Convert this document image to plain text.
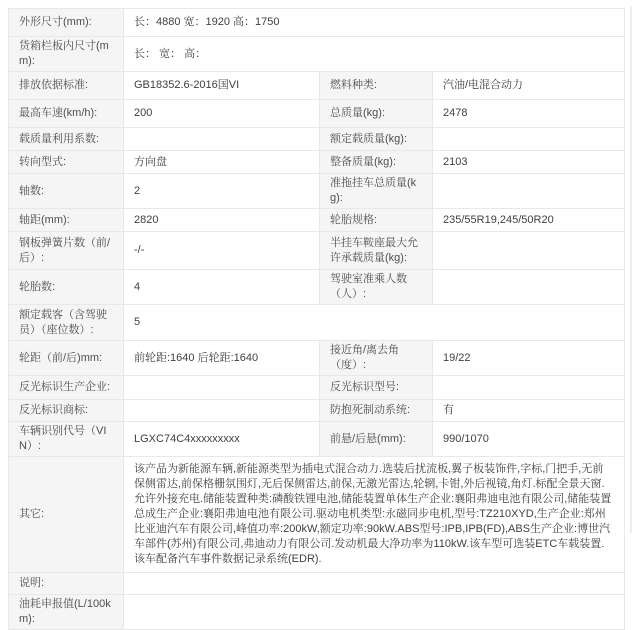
外形尺寸(mm):	长：4880 宽：1920 高：1750		
货箱栏板内尺寸(mm):	长： 宽： 高：		
排放依据标准:	GB18352.6-2016国VI	燃料种类:	汽油/电混合动力
最高车速(km/h):	200	总质量(kg):	2478
载质量利用系数:		额定载质量(kg):	
转向型式:	方向盘	整备质量(kg):	2103
轴数:	2	准拖挂车总质量(kg):	
轴距(mm):	2820	轮胎规格:	235/55R19,245/50R20
钢板弹簧片数（前/后）:	-/-	半挂车鞍座最大允许承载质量(kg):	
轮胎数:	4	驾驶室准乘人数（人）:	
额定载客（含驾驶员）（座位数）:	5		
轮距（前/后)mm:	前轮距:1640 后轮距:1640	接近角/离去角（度）:	19/22
反光标识生产企业:		反光标识型号:	
反光标识商标:		防抱死制动系统:	有
车辆识别代号（VIN）:	LGXC74C4xxxxxxxxx	前悬/后悬(mm):	990/1070
其它:	该产品为新能源车辆,新能源类型为插电式混合动力.选装后扰流板,翼子板装饰件,字标,门把手,无前保侧雷达,前保格栅氛围灯,无后保侧雷达,前保,无激光雷达,轮辋,卡钳,外后视镜,角灯.标配全景天窗.允许外接充电.储能装置种类:磷酸铁锂电池,储能装置单体生产企业:襄阳弗迪电池有限公司,储能装置总成生产企业:襄阳弗迪电池有限公司.驱动电机类型:永磁同步电机,型号:TZ210XYD,生产企业:郑州比亚迪汽车有限公司,峰值功率:200kW,额定功率:90kW.ABS型号:IPB,IPB(FD),ABS生产企业:博世汽车部件(苏州)有限公司,弗迪动力有限公司.发动机最大净功率为110kW.该车型可选装ETC车载装置.该车配备汽车事件数据记录系统(EDR).		
说明:			
油耗申报值(L/100km):			
